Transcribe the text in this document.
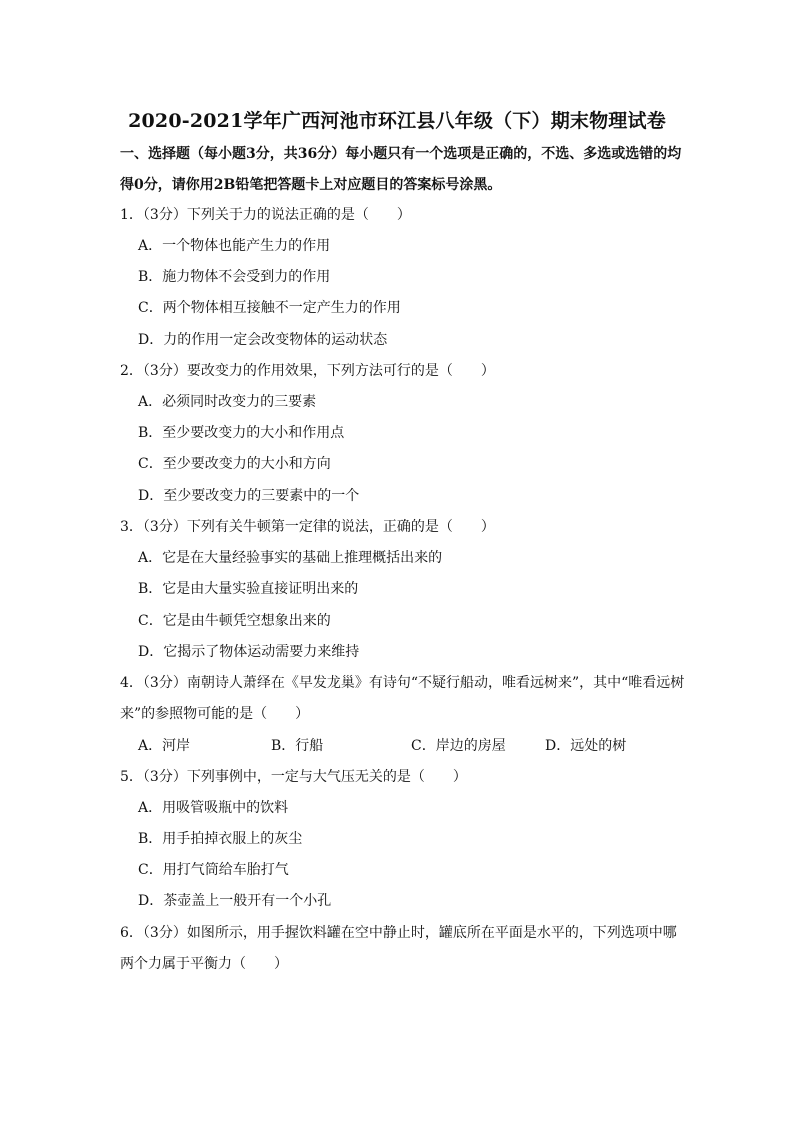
2020-2021学年广西河池市环江县八年级（下）期末物理试卷
一、选择题（每小题3分，共36分）每小题只有一个选项是正确的，不选、多选或选错的均得0分，请你用2B铅笔把答题卡上对应题目的答案标号涂黑。
1．（3分）下列关于力的说法正确的是（　　）
A．一个物体也能产生力的作用
B．施力物体不会受到力的作用
C．两个物体相互接触不一定产生力的作用
D．力的作用一定会改变物体的运动状态
2．（3分）要改变力的作用效果，下列方法可行的是（　　）
A．必须同时改变力的三要素
B．至少要改变力的大小和作用点
C．至少要改变力的大小和方向
D．至少要改变力的三要素中的一个
3．（3分）下列有关牛顿第一定律的说法，正确的是（　　）
A．它是在大量经验事实的基础上推理概括出来的
B．它是由大量实验直接证明出来的
C．它是由牛顿凭空想象出来的
D．它揭示了物体运动需要力来维持
4．（3分）南朝诗人萧绎在《早发龙巢》有诗句“不疑行船动，唯看远树来”，其中“唯看远树来”的参照物可能的是（　　）
A．河岸	B．行船	C．岸边的房屋	D．远处的树
5．（3分）下列事例中，一定与大气压无关的是（　　）
A．用吸管吸瓶中的饮料
B．用手拍掉衣服上的灰尘
C．用打气筒给车胎打气
D．茶壶盖上一般开有一个小孔
6．（3分）如图所示，用手握饮料罐在空中静止时，罐底所在平面是水平的，下列选项中哪两个力属于平衡力（　　）
